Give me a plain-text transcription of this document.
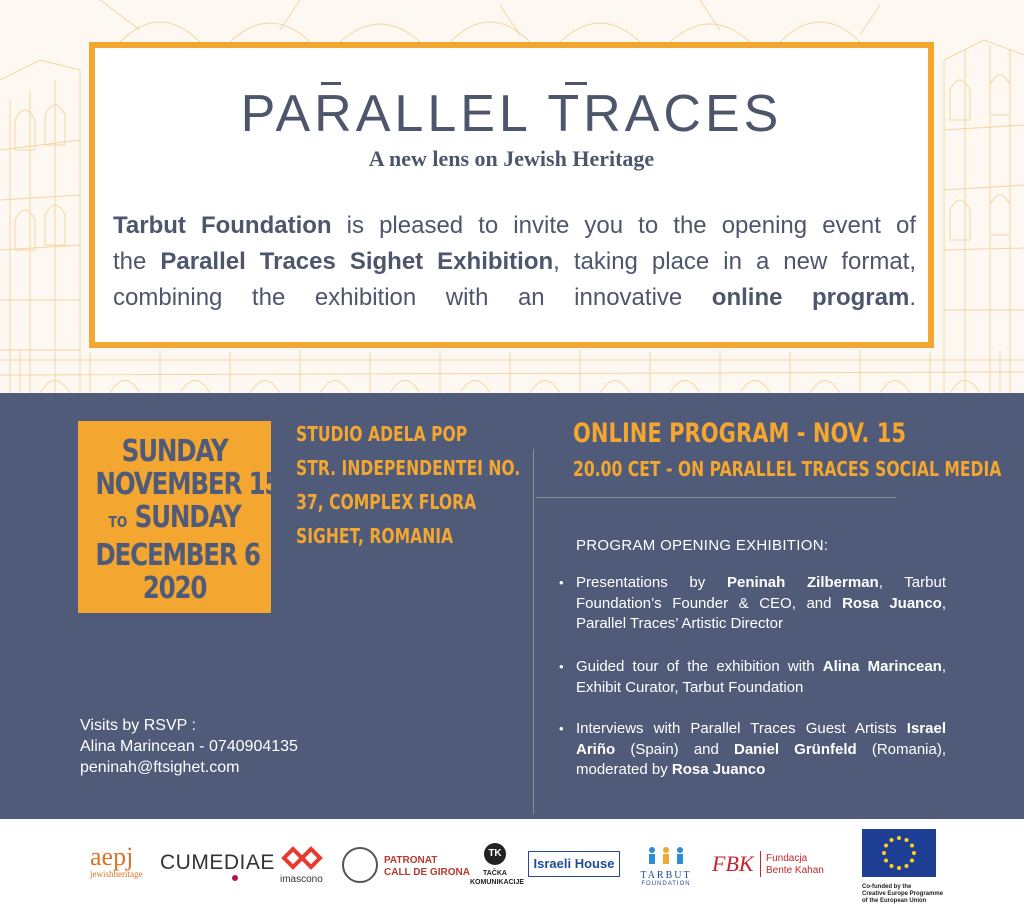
PARALLEL TRACES
A new lens on Jewish Heritage
Tarbut Foundation is pleased to invite you to the opening event of
the Parallel Traces Sighet Exhibition, taking place in a new format,
combining the exhibition with an innovative online program.
SUNDAY
NOVEMBER 15
TO SUNDAY
DECEMBER 6
2020
STUDIO ADELA POP
STR. INDEPENDENTEI NO.
37, COMPLEX FLORA
SIGHET, ROMANIA
ONLINE PROGRAM - NOV. 15
20.00 CET - ON PARALLEL TRACES SOCIAL MEDIA
PROGRAM OPENING EXHIBITION:
• Presentations by Peninah Zilberman, Tarbut Foundation’s Founder & CEO, and Rosa Juanco, Parallel Traces’ Artistic Director
• Guided tour of the exhibition with Alina Marincean, Exhibit Curator, Tarbut Foundation
• Interviews with Parallel Traces Guest Artists Israel Ariño (Spain) and Daniel Grünfeld (Romania), moderated by Rosa Juanco
Visits by RSVP :
Alina Marincean - 0740904135
peninah@ftsighet.com
aepj
jewishheritage CUMEDIAE
imascono
PATRONAT
CALL DE GIRONA
TK
TAČKA
KOMUNIKACIJE
Israeli House
TARBUT
FOUNDATION
FBK Fundacja
Bente Kahan
Co-funded by the
Creative Europe Programme
of the European Union
